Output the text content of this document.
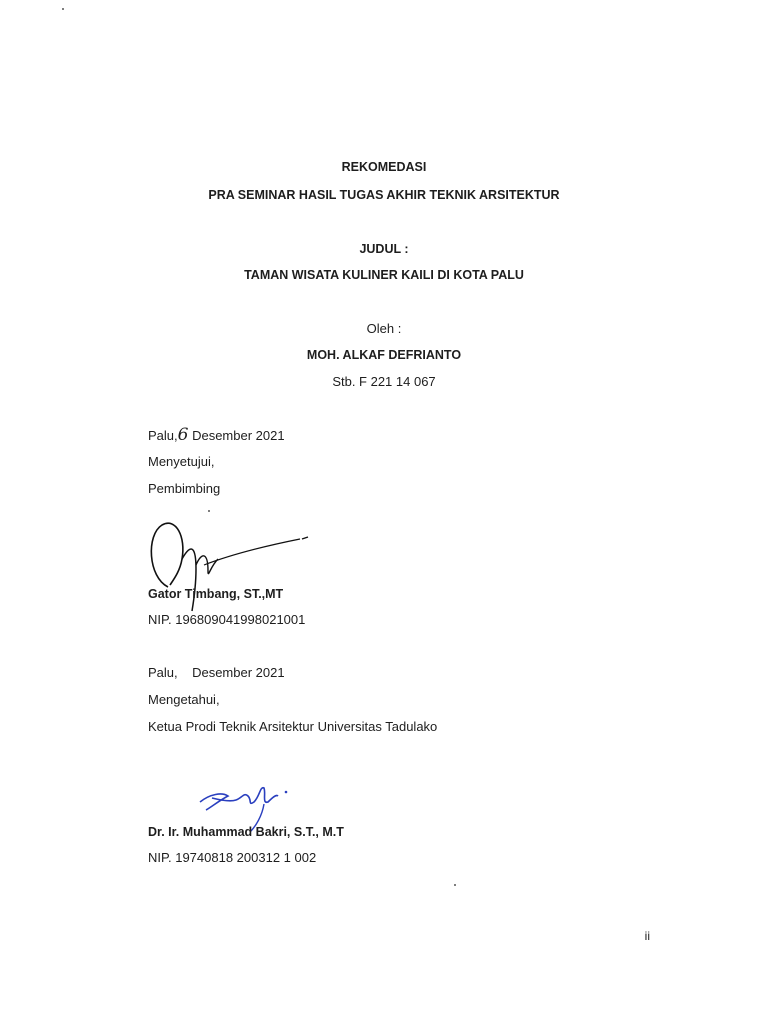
REKOMEDASI
PRA SEMINAR HASIL TUGAS AKHIR TEKNIK ARSITEKTUR
JUDUL :
TAMAN WISATA KULINER KAILI DI KOTA PALU
Oleh :
MOH. ALKAF DEFRIANTO
Stb. F 221 14 067
Palu,6 Desember 2021
Menyetujui,
Pembimbing
Gator Timbang, ST.,MT
NIP. 196809041998021001
Palu,    Desember 2021
Mengetahui,
Ketua Prodi Teknik Arsitektur Universitas Tadulako
Dr. Ir. Muhammad Bakri, S.T., M.T
NIP. 19740818 200312 1 002
ii
